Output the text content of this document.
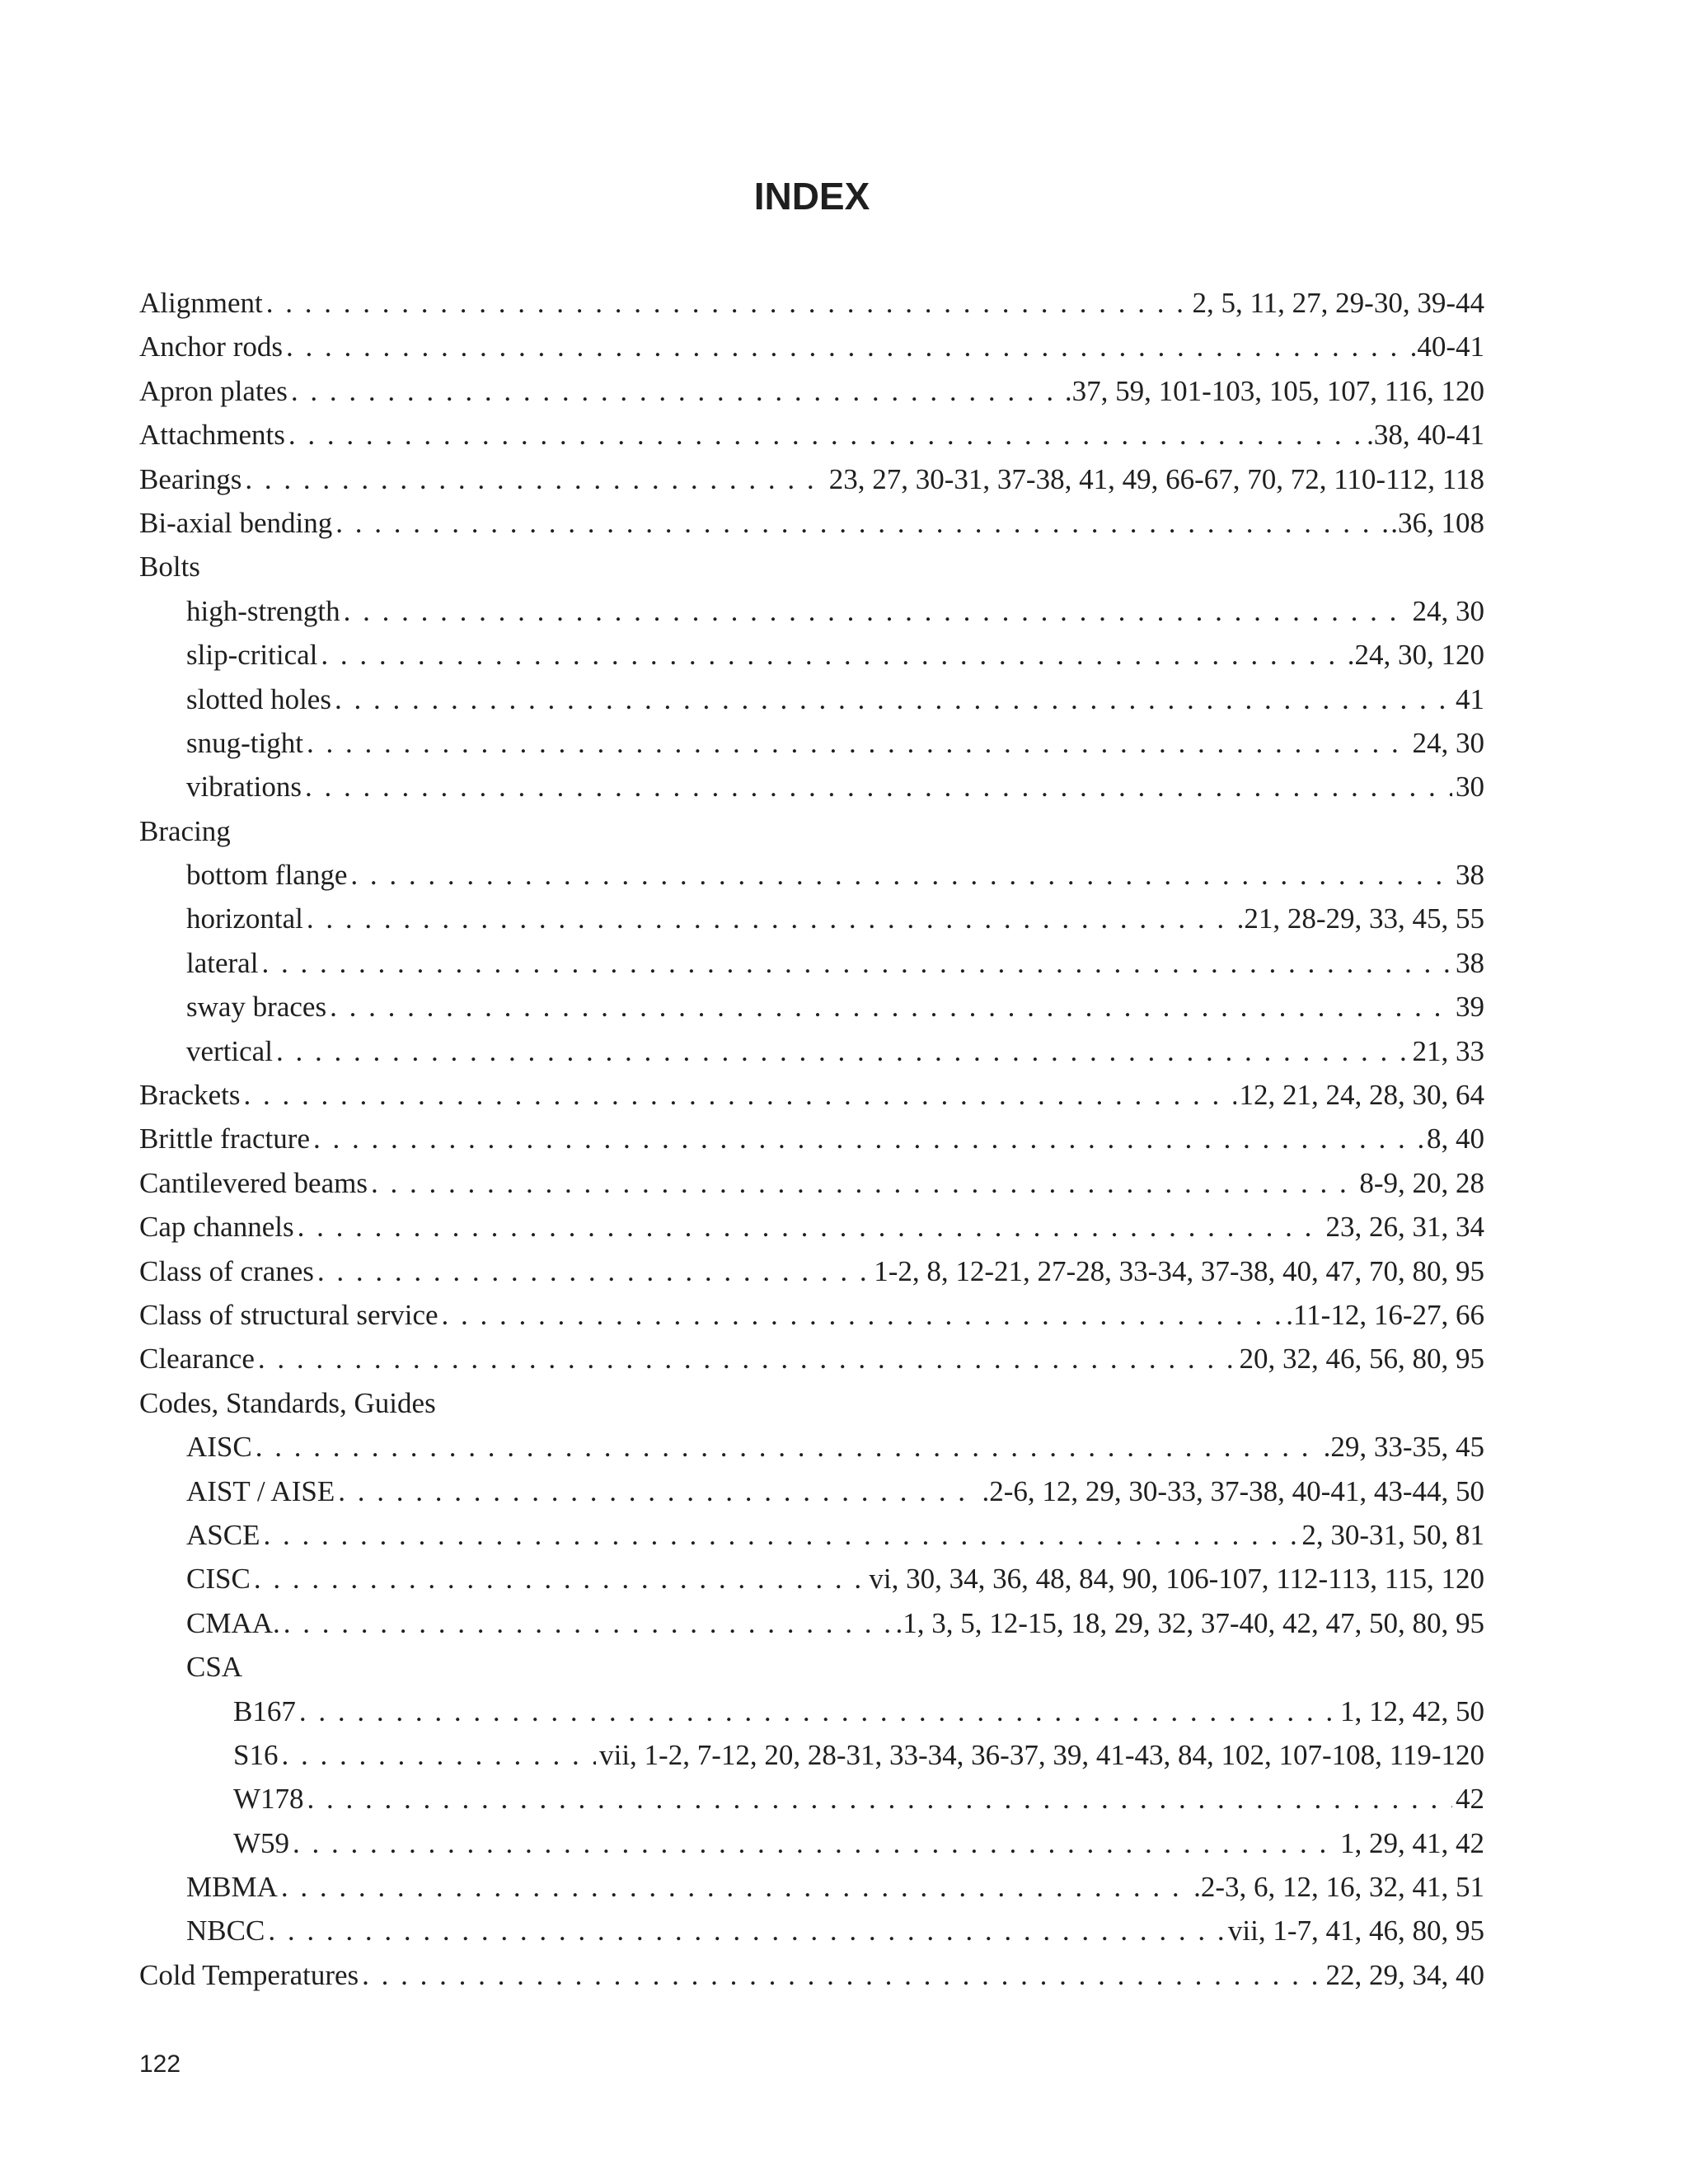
INDEX
Alignment . . .	2, 5, 11, 27, 29-30, 39-44
Anchor rods . . .	.40-41
Apron plates . . .	.37, 59, 101-103, 105, 107, 116, 120
Attachments . . .	.38, 40-41
Bearings . . .	23, 27, 30-31, 37-38, 41, 49, 66-67, 70, 72, 110-112, 118
Bi-axial bending . . .	.36, 108
Bolts
high-strength . . .	24, 30
slip-critical . . .	.24, 30, 120
slotted holes . . .	41
snug-tight . . .	24, 30
vibrations . . .	30
Bracing
bottom flange . . .	38
horizontal . . .	.21, 28-29, 33, 45, 55
lateral . . .	38
sway braces . . .	39
vertical . . .	21, 33
Brackets . . .	12, 21, 24, 28, 30, 64
Brittle fracture . . .	8, 40
Cantilevered beams . . .	8-9, 20, 28
Cap channels . . .	23, 26, 31, 34
Class of cranes . . .	1-2, 8, 12-21, 27-28, 33-34, 37-38, 40, 47, 70, 80, 95
Class of structural service . . .	.11-12, 16-27, 66
Clearance . . .	20, 32, 46, 56, 80, 95
Codes, Standards, Guides
AISC . . .	.29, 33-35, 45
AIST / AISE . . .	.2-6, 12, 29, 30-33, 37-38, 40-41, 43-44, 50
ASCE . . .	2, 30-31, 50, 81
CISC . . .	vi, 30, 34, 36, 48, 84, 90, 106-107, 112-113, 115, 120
CMAA. . . .	.1, 3, 5, 12-15, 18, 29, 32, 37-40, 42, 47, 50, 80, 95
CSA
B167 . . .	1, 12, 42, 50
S16 . . .	vii, 1-2, 7-12, 20, 28-31, 33-34, 36-37, 39, 41-43, 84, 102, 107-108, 119-120
W178 . . .	42
W59 . . .	1, 29, 41, 42
MBMA . . .	.2-3, 6, 12, 16, 32, 41, 51
NBCC . . .	vii, 1-7, 41, 46, 80, 95
Cold Temperatures . . .	22, 29, 34, 40
122
